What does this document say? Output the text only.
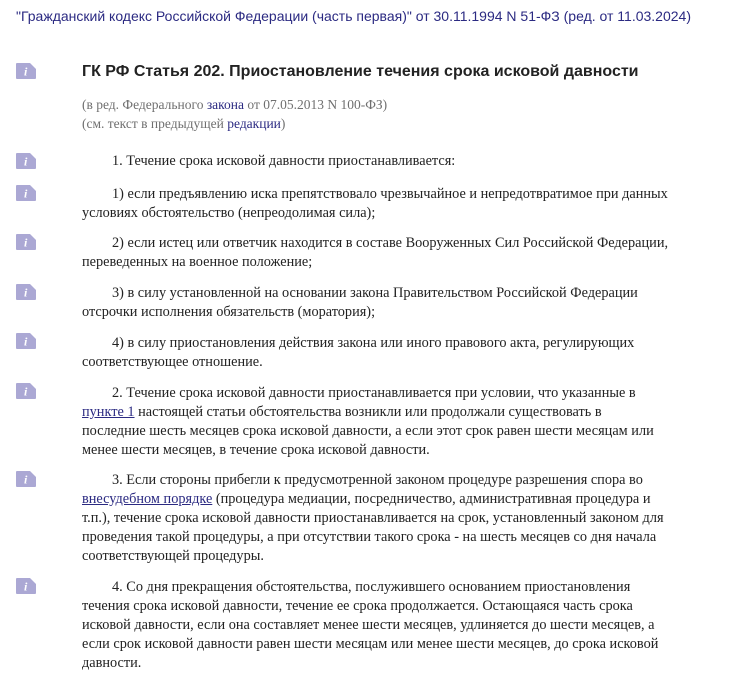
"Гражданский кодекс Российской Федерации (часть первая)" от 30.11.1994 N 51-ФЗ (ред. от 11.03.2024)
i	ГК РФ Статья 202. Приостановление течения срока исковой давности
(в ред. Федерального закона от 07.05.2013 N 100-ФЗ)
(см. текст в предыдущей редакции)
i	1. Течение срока исковой давности приостанавливается:
i	1) если предъявлению иска препятствовало чрезвычайное и непредотвратимое при данных
условиях обстоятельство (непреодолимая сила);
i	2) если истец или ответчик находится в составе Вооруженных Сил Российской Федерации,
переведенных на военное положение;
i	3) в силу установленной на основании закона Правительством Российской Федерации
отсрочки исполнения обязательств (моратория);
i	4) в силу приостановления действия закона или иного правового акта, регулирующих
соответствующее отношение.
i	2. Течение срока исковой давности приостанавливается при условии, что указанные в
пункте 1 настоящей статьи обстоятельства возникли или продолжали существовать в
последние шесть месяцев срока исковой давности, а если этот срок равен шести месяцам или
менее шести месяцев, в течение срока исковой давности.
i	3. Если стороны прибегли к предусмотренной законом процедуре разрешения спора во
внесудебном порядке (процедура медиации, посредничество, административная процедура и
т.п.), течение срока исковой давности приостанавливается на срок, установленный законом для
проведения такой процедуры, а при отсутствии такого срока - на шесть месяцев со дня начала
соответствующей процедуры.
i	4. Со дня прекращения обстоятельства, послужившего основанием приостановления
течения срока исковой давности, течение ее срока продолжается. Остающаяся часть срока
исковой давности, если она составляет менее шести месяцев, удлиняется до шести месяцев, а
если срок исковой давности равен шести месяцам или менее шести месяцев, до срока исковой
давности.
